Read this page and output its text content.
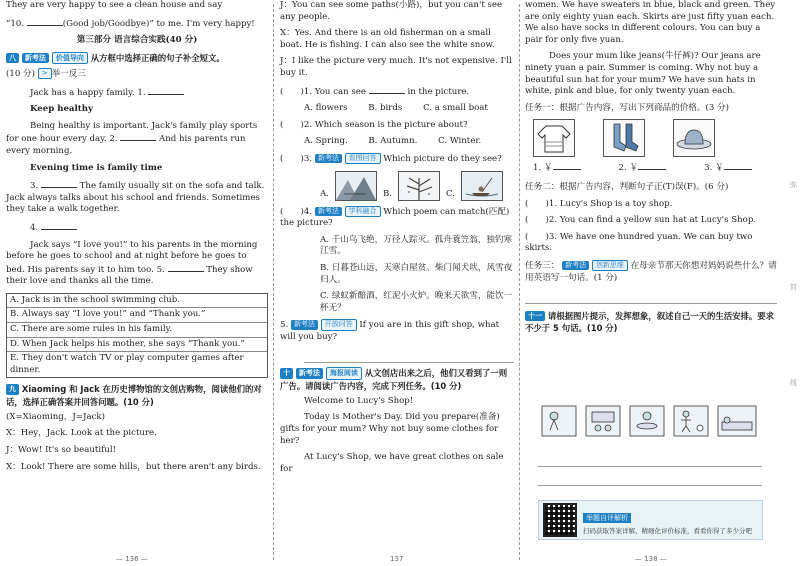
They are very happy to see a clean house and say

“10.	(Good job/Goodbye)” to me. I'm very happy!

第三部分 语言综合实践(40 分)

八 新考法 价值导向 从方框中选择正确的句子补全短文。

(10 分) > 举一反三

Jack has a happy family. 1.

Keep healthy

Being healthy is important. Jack's family play sports for one hour every day. 2.	And his parents run every morning.

Evening time is family time

3.	The family usually sit on the sofa and talk. Jack always talks about his school and friends. Sometimes they take a walk together.

4.

Jack says “I love you!” to his parents in the morning before he goes to school and at night before he goes to bed. His parents say it to him too. 5.	They show their love and thanks all the time.

A. Jack is in the school swimming club.
B. Always say “I love you!” and “Thank you.”
C. There are some rules in his family.
D. When Jack helps his mother, she says “Thank you.”
E. They don't watch TV or play computer games after dinner.
九 Xiaoming 和 Jack 在历史博物馆的文创店购物，阅读他们的对话，选择正确答案并回答问题。(10 分)

(X=Xiaoming，J=Jack)

X：Hey，Jack. Look at the picture.

J：Wow! It's so beautiful!

X：Look! There are some hills，but there aren't any birds.

— 136 —

J：You can see some paths(小路)，but you can't see any people.

X：Yes. And there is an old fisherman on a small boat. He is fishing. I can also see the white snow.

J：I like the picture very much. It's not expensive. I'll buy it.

(　　)1. You can see	in the picture.

A. flowers B. birds C. a small boat

(　　)2. Which season is the picture about?

A. Spring. B. Autumn. C. Winter.

(　　)3. 新考法 看图回答 Which picture do they see?

A.	B.	C.

(　　)4. 新考法 学科融合 Which poem can match(匹配) the picture?

A. 千山鸟飞绝，万径人踪灭。孤舟蓑笠翁，独钓寒江雪。

B. 日暮苍山远，天寒白屋贫。柴门闻犬吠，风雪夜归人。

C. 绿蚁新醅酒，红泥小火炉。晚来天欲雪，能饮一杯无？

5. 新考法 开放问答 If you are in this gift shop, what will you buy?

十 新考法 海报阅读 从文创店出来之后，他们又看到了一则广告。请阅读广告内容，完成下列任务。(10 分)

Welcome to Lucy's Shop!

Today is Mother's Day. Did you prepare(准备) gifts for your mum? Why not buy some clothes for her?

At Lucy's Shop, we have great clothes on sale for

137

women. We have sweaters in blue, black and green. They are only eighty yuan each. Skirts are just fifty yuan each. We also have socks in different colours. You can buy a pair for only five yuan.

Does your mum like jeans(牛仔裤)? Our jeans are ninety yuan a pair. Summer is coming. Why not buy a beautiful sun hat for your mum? We have sun hats in white, pink and blue, for only twenty yuan each.

任务一：根据广告内容，写出下列商品的价格。(3 分)

1. ￥	2. ￥	3. ￥

任务二：根据广告内容，判断句子正(T)误(F)。(6 分)

(　　)1. Lucy's Shop is a toy shop.

(　　)2. You can find a yellow sun hat at Lucy's Shop.

(　　)3. We have one hundred yuan. We can buy two skirts.

任务三： 新考法 创新思维 在母亲节那天你想对妈妈说些什么？请用英语写一句话。(1 分)

十一 请根据图片提示，发挥想象，叙述自己一天的生活安排。要求不少于 5 句话。(10 分)
— 138 —
举题自评解析
扫码获取答案详解、精细化评价标准，看看你得了多少分吧
弥
封
线
